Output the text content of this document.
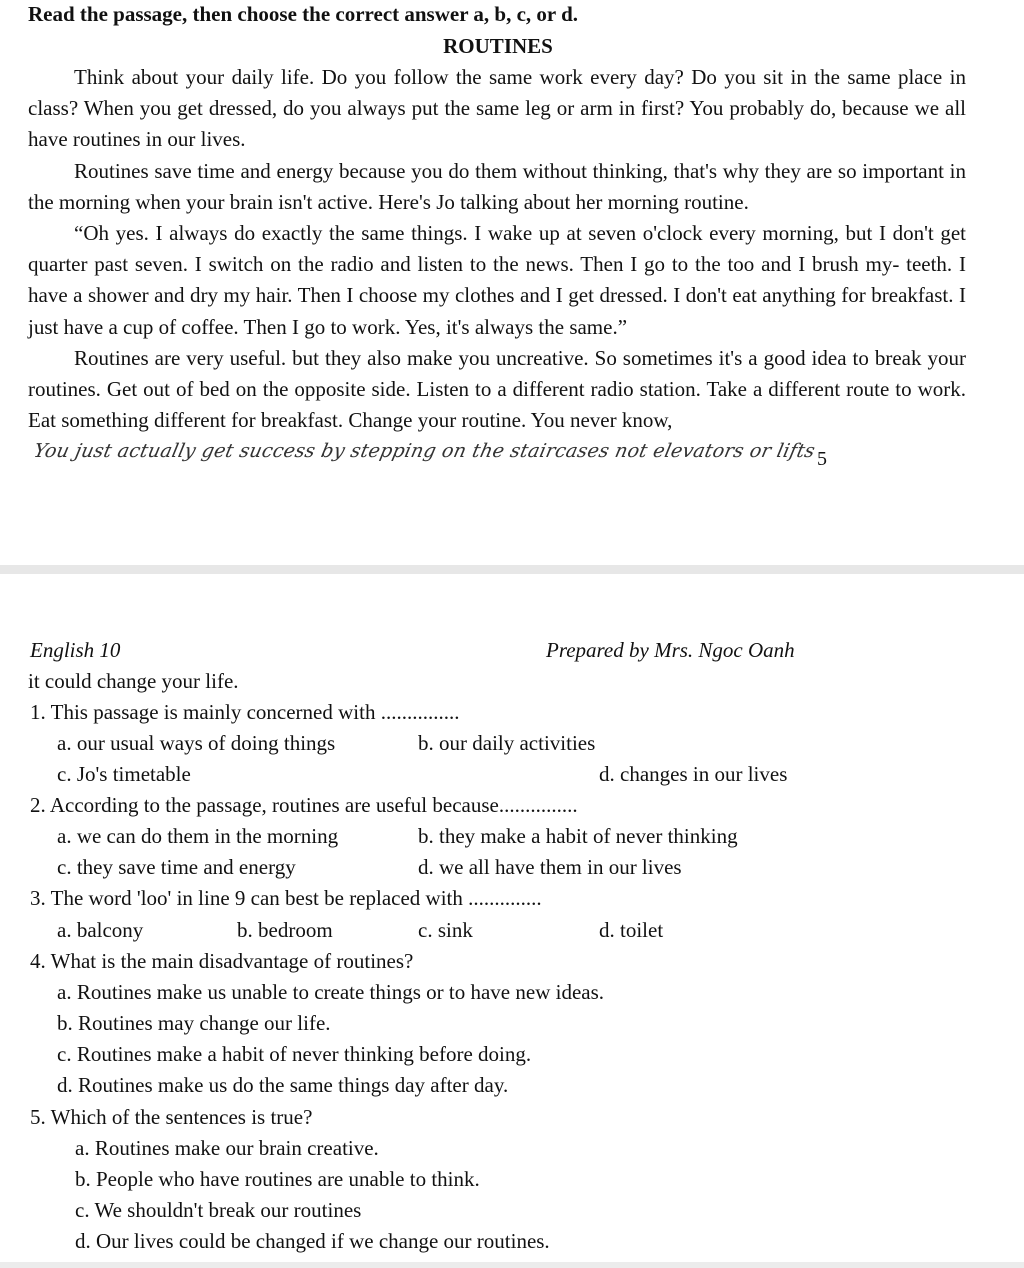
Read the passage, then choose the correct answer a, b, c, or d.
ROUTINES

Think about your daily life. Do you follow the same work every day? Do you sit in the same place in class? When you get dressed, do you always put the same leg or arm in first? You probably do, because we all have routines in our lives.

Routines save time and energy because you do them without thinking, that's why they are so important in the morning when your brain isn't active. Here's Jo talking about her morning routine.

“Oh yes. I always do exactly the same things. I wake up at seven o'clock every morning, but I don't get quarter past seven. I switch on the radio and listen to the news. Then I go to the too and I brush my- teeth. I have a shower and dry my hair. Then I choose my clothes and I get dressed. I don't eat anything for breakfast. I just have a cup of coffee. Then I go to work. Yes, it's always the same.”

Routines are very useful. but they also make you uncreative. So sometimes it's a good idea to break your routines. Get out of bed on the opposite side. Listen to a different radio station. Take a different route to work. Eat something different for breakfast. Change your routine. You never know,

You just actually get success by stepping on the staircases not elevators or lifts 5
English 10	Prepared by Mrs. Ngoc Oanh
it could change your life.
1. This passage is mainly concerned with ...............
a. our usual ways of doing things	b. our daily activities
c. Jo's timetable	d. changes in our lives
2. According to the passage, routines are useful because...............
a. we can do them in the morning	b. they make a habit of never thinking
c. they save time and energy	d. we all have them in our lives
3. The word 'loo' in line 9 can best be replaced with ..............
a. balcony	b. bedroom	c. sink	d. toilet
4. What is the main disadvantage of routines?
a. Routines make us unable to create things or to have new ideas.
b. Routines may change our life.
c. Routines make a habit of never thinking before doing.
d. Routines make us do the same things day after day.
5. Which of the sentences is true?
a. Routines make our brain creative.
b. People who have routines are unable to think.
c. We shouldn't break our routines
d. Our lives could be changed if we change our routines.
